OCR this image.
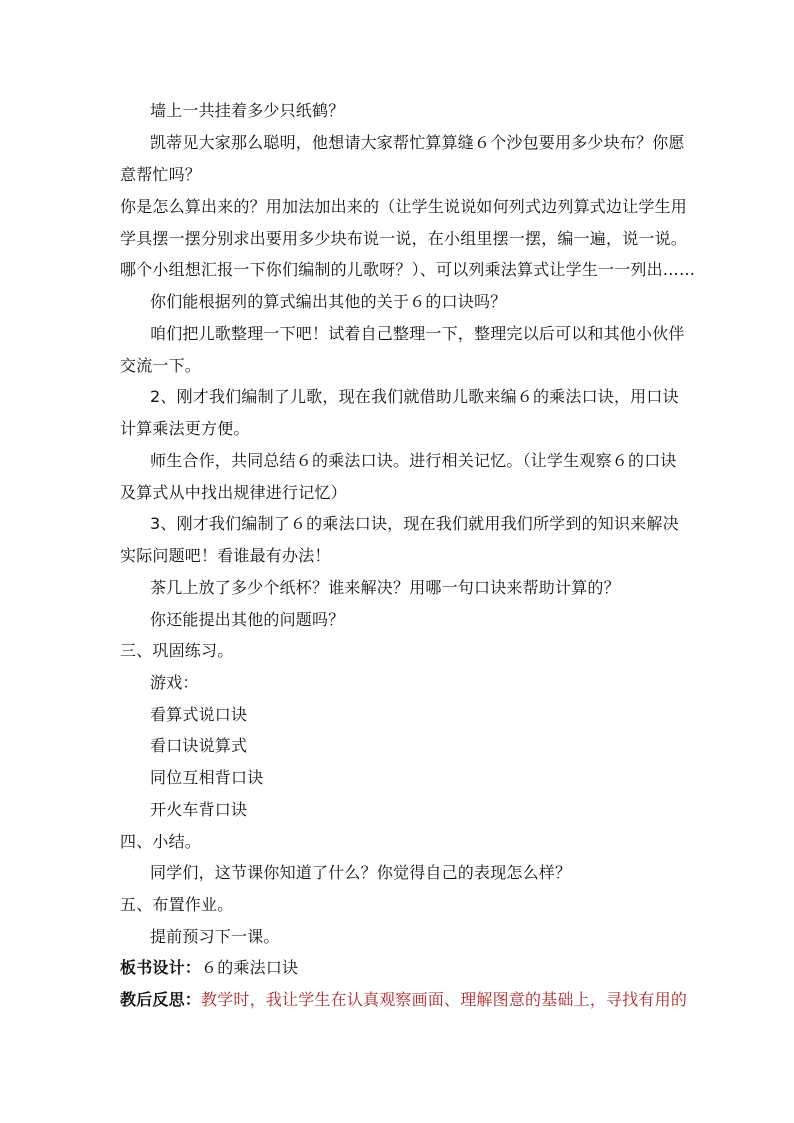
墙上一共挂着多少只纸鹤？
凯蒂见大家那么聪明，他想请大家帮忙算算缝６个沙包要用多少块布？你愿
意帮忙吗？
你是怎么算出来的？用加法加出来的（让学生说说如何列式边列算式边让学生用
学具摆一摆分别求出要用多少块布说一说，在小组里摆一摆，编一遍，说一说。
哪个小组想汇报一下你们编制的儿歌呀？）、可以列乘法算式让学生一一列出……
你们能根据列的算式编出其他的关于６的口诀吗？
咱们把儿歌整理一下吧！试着自己整理一下，整理完以后可以和其他小伙伴
交流一下。
2、刚才我们编制了儿歌，现在我们就借助儿歌来编６的乘法口诀，用口诀
计算乘法更方便。
师生合作，共同总结６的乘法口诀。进行相关记忆。（让学生观察６的口诀
及算式从中找出规律进行记忆）
3、刚才我们编制了６的乘法口诀，现在我们就用我们所学到的知识来解决
实际问题吧！看谁最有办法！
茶几上放了多少个纸杯？谁来解决？用哪一句口诀来帮助计算的？
你还能提出其他的问题吗？
三、巩固练习。
游戏：
看算式说口诀
看口诀说算式
同位互相背口诀
开火车背口诀
四、小结。
同学们，这节课你知道了什么？你觉得自己的表现怎么样？
五、布置作业。
提前预习下一课。
板书设计：６的乘法口诀
教后反思：教学时，我让学生在认真观察画面、理解图意的基础上，寻找有用的
